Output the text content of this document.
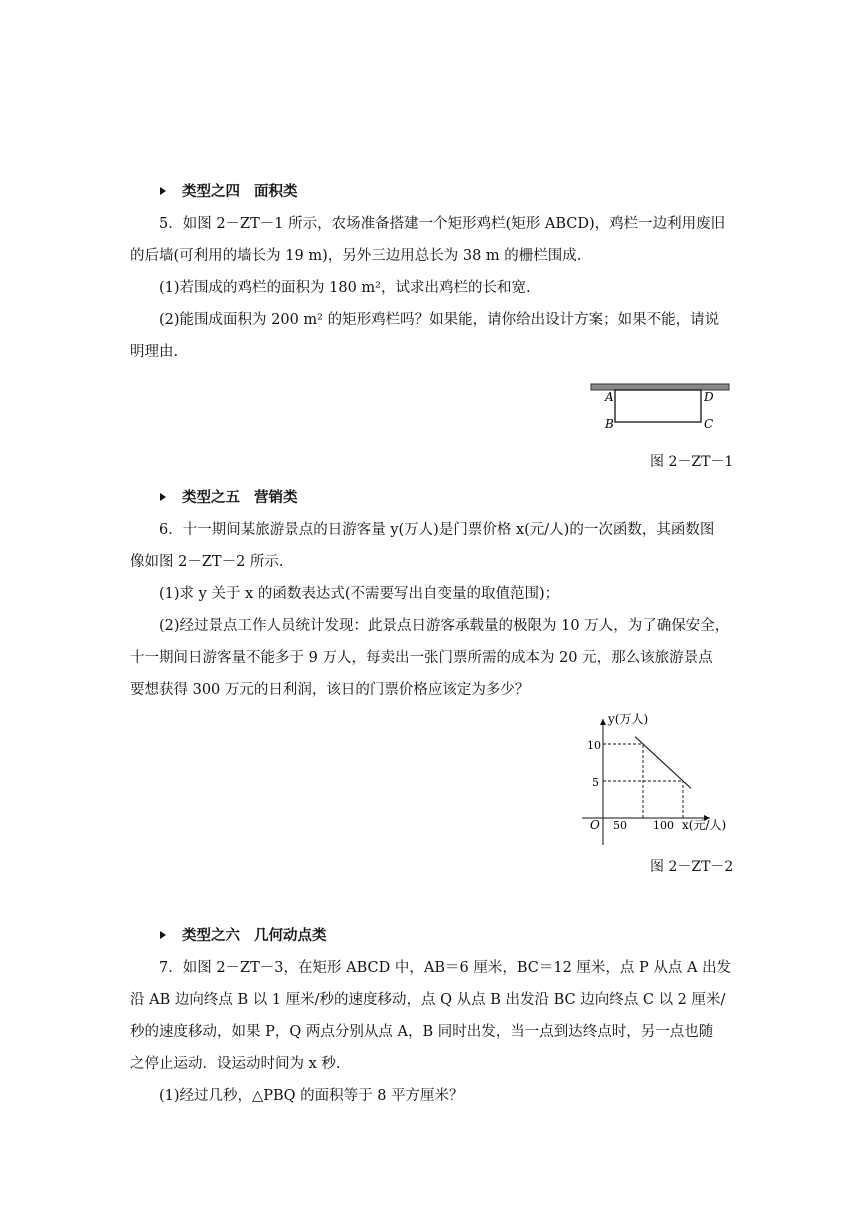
类型之四 面积类
5．如图 2－ZT－1 所示，农场准备搭建一个矩形鸡栏(矩形 ABCD)，鸡栏一边利用废旧
的后墙(可利用的墙长为 19 m)，另外三边用总长为 38 m 的栅栏围成.
(1)若围成的鸡栏的面积为 180 m²，试求出鸡栏的长和宽.
(2)能围成面积为 200 m² 的矩形鸡栏吗？如果能，请你给出设计方案；如果不能，请说
明理由.
A
B	C
D
图 2－ZT－1
类型之五 营销类
6．十一期间某旅游景点的日游客量 y(万人)是门票价格 x(元/人)的一次函数，其函数图
像如图 2－ZT－2 所示.
(1)求 y 关于 x 的函数表达式(不需要写出自变量的取值范围)；
(2)经过景点工作人员统计发现：此景点日游客承载量的极限为 10 万人，为了确保安全，
十一期间日游客量不能多于 9 万人，每卖出一张门票所需的成本为 20 元，那么该旅游景点
要想获得 300 万元的日利润，该日的门票价格应该定为多少？
y(万人)
x(元/人)
O 50 100
10
5
图 2－ZT－2
类型之六 几何动点类
7．如图 2－ZT－3，在矩形 ABCD 中，AB＝6 厘米，BC＝12 厘米，点 P 从点 A 出发
沿 AB 边向终点 B 以 1 厘米/秒的速度移动，点 Q 从点 B 出发沿 BC 边向终点 C 以 2 厘米/
秒的速度移动，如果 P，Q 两点分别从点 A，B 同时出发，当一点到达终点时，另一点也随
之停止运动．设运动时间为 x 秒.
(1)经过几秒，△PBQ 的面积等于 8 平方厘米？
